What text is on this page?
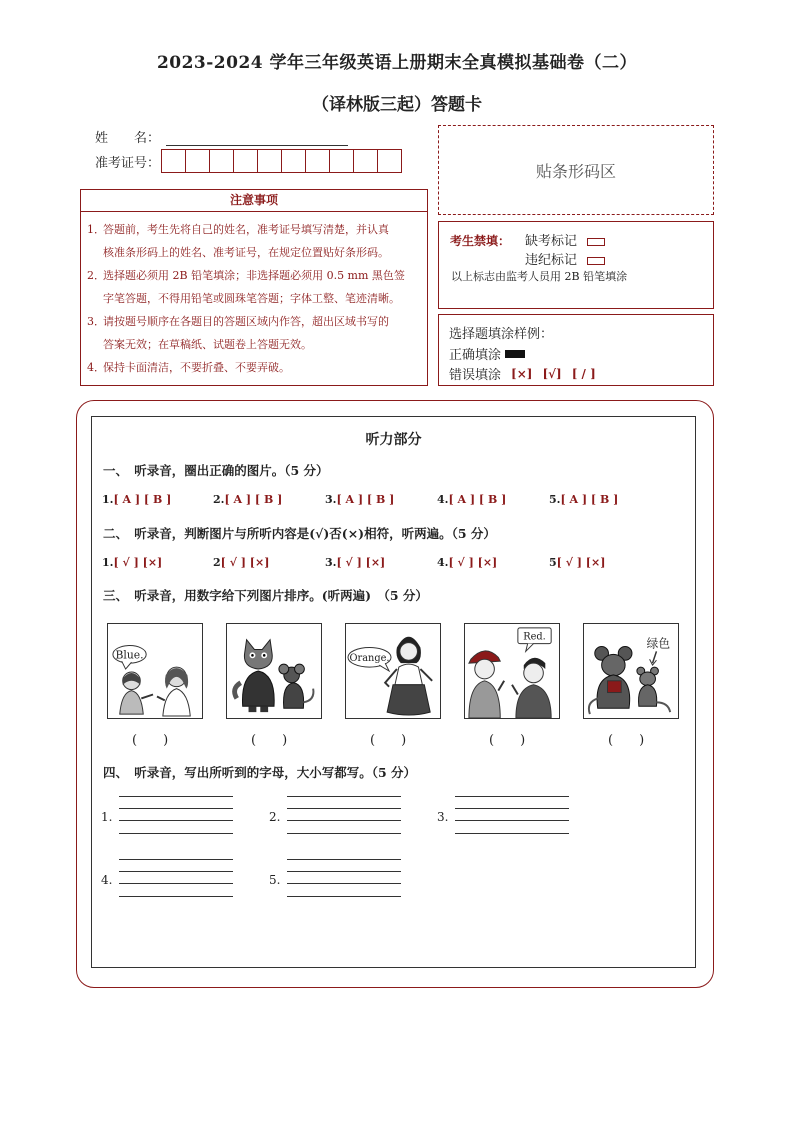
2023-2024 学年三年级英语上册期末全真模拟基础卷（二）
（译林版三起）答题卡
姓　　名：
准考证号：	贴条形码区
注意事项
1．
答题前，考生先将自己的姓名，准考证号填写清楚，并认真
核准条形码上的姓名、准考证号，在规定位置贴好条形码。
2．
选择题必须用 2B 铅笔填涂；非选择题必须用 0.5 mm 黑色签
字笔答题，不得用铅笔或圆珠笔答题；字体工整、笔迹清晰。
3．
请按题号顺序在各题目的答题区域内作答，超出区域书写的
答案无效；在草稿纸、试题卷上答题无效。
4．
保持卡面清洁，不要折叠、不要弄破。
考生禁填： 缺考标记
违纪标记
以上标志由监考人员用 2B 铅笔填涂
选择题填涂样例：
正确填涂
错误填涂 [×] [√] [ / ]
听力部分
一、　听录音，圈出正确的图片。（5 分）
1.[ A ] [ B ]	2.[ A ] [ B ]	3.[ A ] [ B ]	4.[ A ] [ B ]	5.[ A ] [ B ]
二、　听录音，判断图片与所听内容是(√)否(×)相符，听两遍。（5 分）
1.[ √ ] [×]	2[ √ ] [×]	3.[ √ ] [×]	4.[ √ ] [×]	5[ √ ] [×]
三、　听录音，用数字给下列图片排序。(听两遍)　（5 分）
Blue.	Orange.
Red.	绿色
(　　)	(　　)	(　　)	(　　)	(　　)
四、　听录音，写出所听到的字母，大小写都写。（5 分）
1.	2.	3.
4.	5.
